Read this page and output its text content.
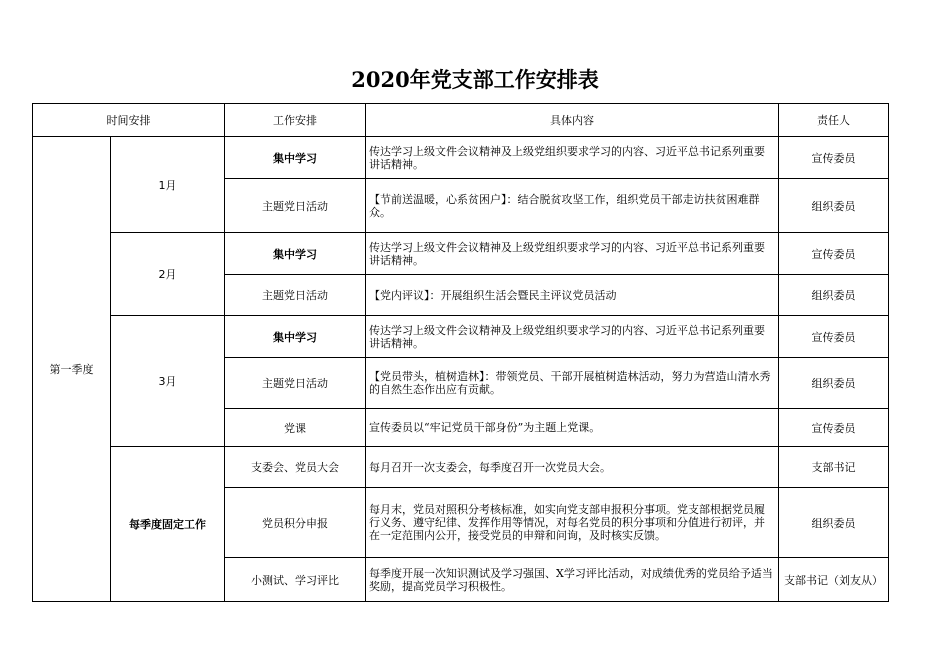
2020年党支部工作安排表
时间安排		工作安排	具体内容	责任人
第一季度	1月	集中学习	传达学习上级文件会议精神及上级党组织要求学习的内容、习近平总书记系列重要讲话精神。	宣传委员
		主题党日活动	【节前送温暖，心系贫困户】：结合脱贫攻坚工作，组织党员干部走访扶贫困难群众。	组织委员
	2月	集中学习	传达学习上级文件会议精神及上级党组织要求学习的内容、习近平总书记系列重要讲话精神。	宣传委员
		主题党日活动	【党内评议】：开展组织生活会暨民主评议党员活动	组织委员
	3月	集中学习	传达学习上级文件会议精神及上级党组织要求学习的内容、习近平总书记系列重要讲话精神。	宣传委员
		主题党日活动	【党员带头，植树造林】：带领党员、干部开展植树造林活动，努力为营造山清水秀的自然生态作出应有贡献。	组织委员
		党课	宣传委员以“牢记党员干部身份”为主题上党课。	宣传委员
	每季度固定工作	支委会、党员大会	每月召开一次支委会，每季度召开一次党员大会。	支部书记
		党员积分申报	每月末，党员对照积分考核标准，如实向党支部申报积分事项。党支部根据党员履行义务、遵守纪律、发挥作用等情况，对每名党员的积分事项和分值进行初评，并在一定范围内公开，接受党员的申辩和问询，及时核实反馈。	组织委员
		小测试、学习评比	每季度开展一次知识测试及学习强国、X学习评比活动，对成绩优秀的党员给予适当奖励，提高党员学习积极性。	支部书记（刘友从）
